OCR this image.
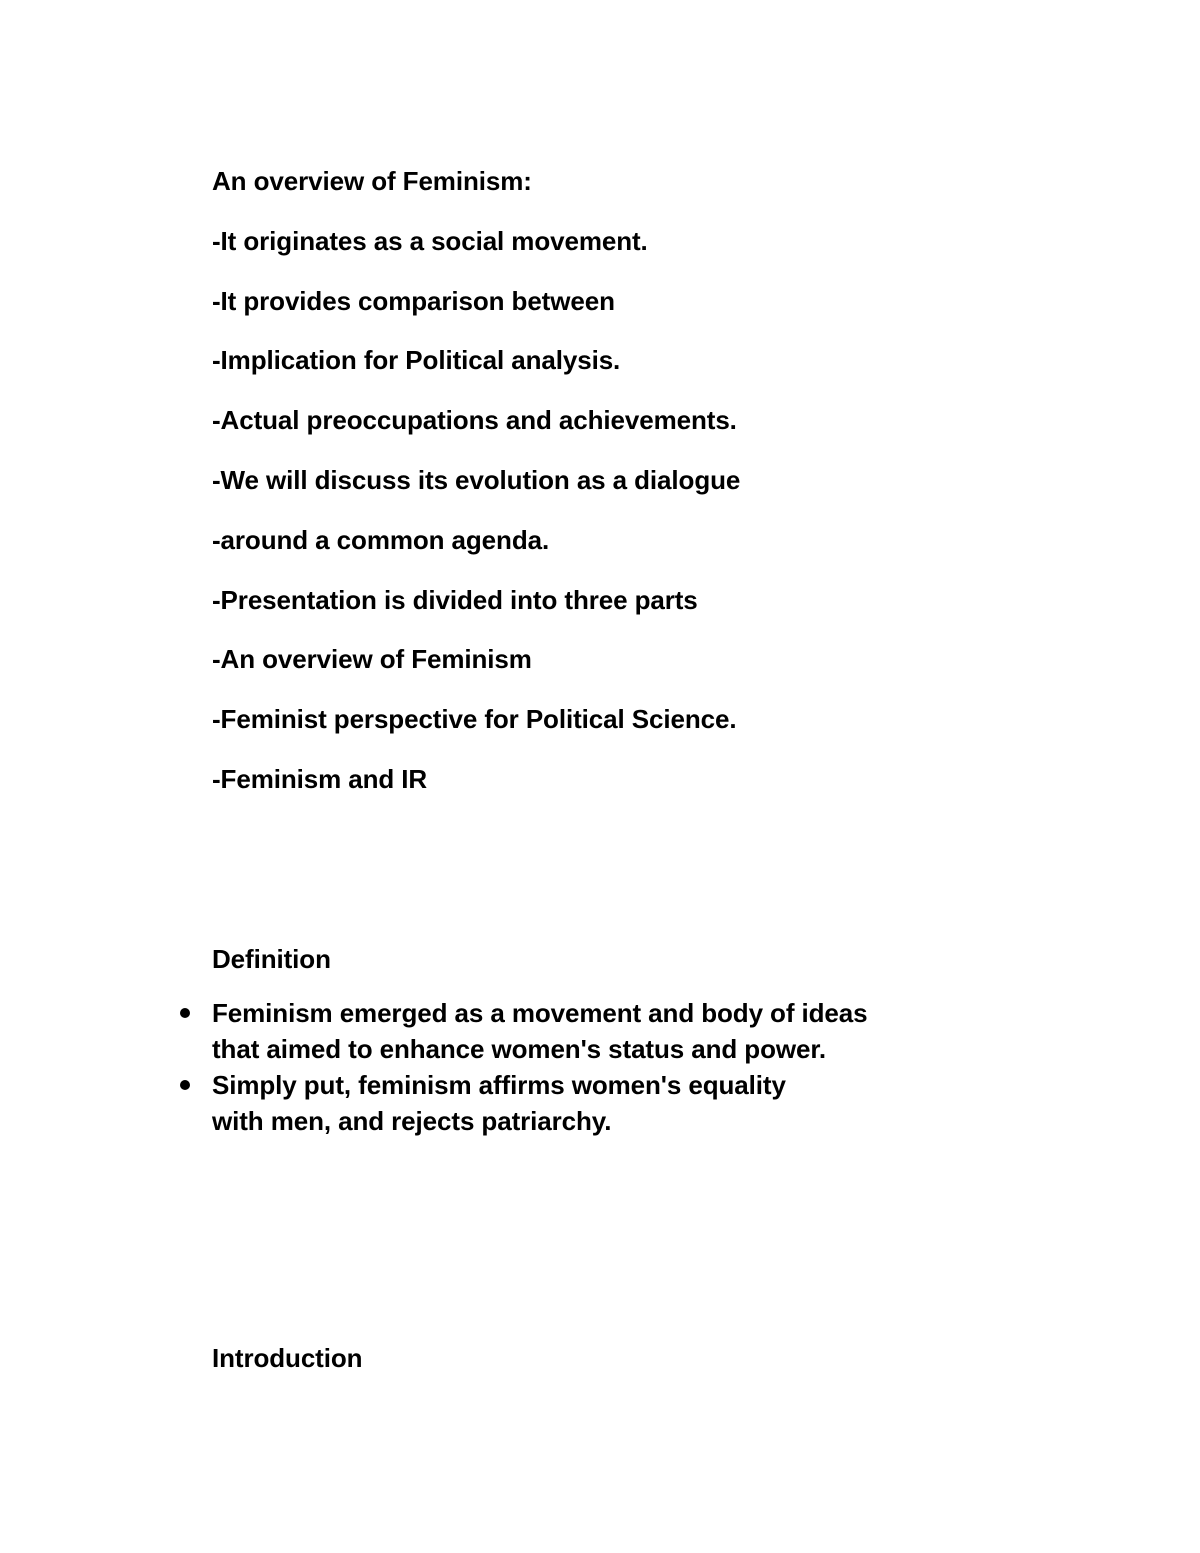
An overview of Feminism:
-It originates as a social movement.
-It provides comparison between
-Implication for Political analysis.
-Actual preoccupations and achievements.
-We will discuss its evolution as a dialogue
-around a common agenda.
-Presentation is divided into three parts
-An overview of Feminism
-Feminist perspective for Political Science.
-Feminism and IR
Definition
Feminism emerged as a movement and body of ideas
that aimed to enhance women's status and power.
Simply put, feminism affirms women's equality
with men, and rejects patriarchy.
Introduction
